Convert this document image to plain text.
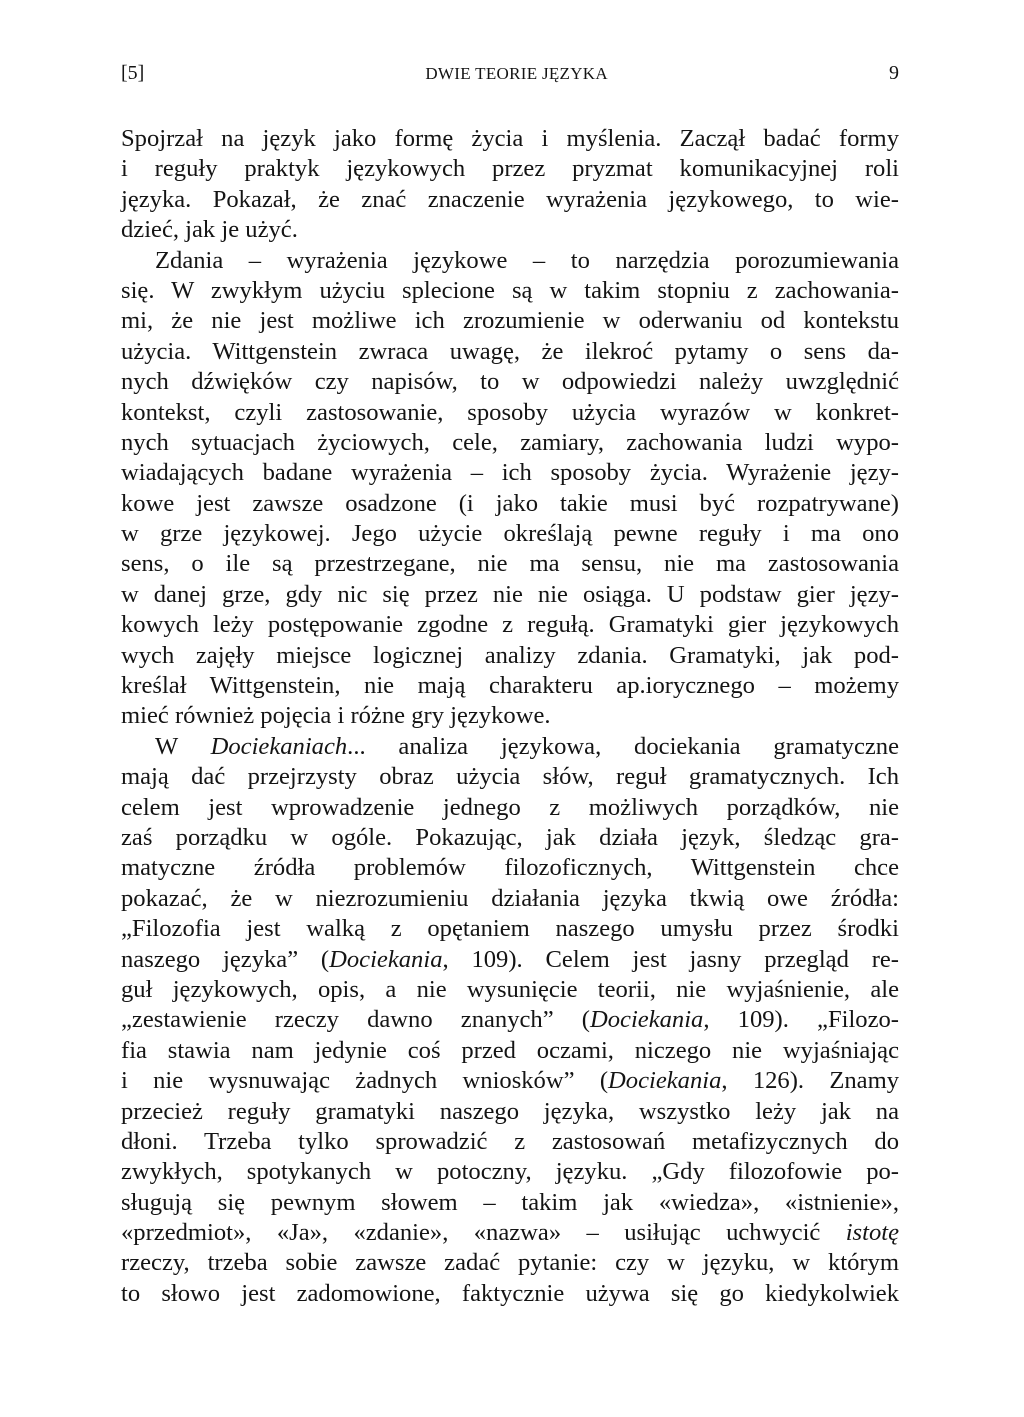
[5]	DWIE TEORIE JĘZYKA	9
Spojrzał na język jako formę życia i myślenia. Zaczął badać formy
i reguły praktyk językowych przez pryzmat komunikacyjnej roli
języka. Pokazał, że znać znaczenie wyrażenia językowego, to wie-
dzieć, jak je użyć.
Zdania – wyrażenia językowe – to narzędzia porozumiewania
się. W zwykłym użyciu splecione są w takim stopniu z zachowania-
mi, że nie jest możliwe ich zrozumienie w oderwaniu od kontekstu
użycia. Wittgenstein zwraca uwagę, że ilekroć pytamy o sens da-
nych dźwięków czy napisów, to w odpowiedzi należy uwzględnić
kontekst, czyli zastosowanie, sposoby użycia wyrazów w konkret-
nych sytuacjach życiowych, cele, zamiary, zachowania ludzi wypo-
wiadających badane wyrażenia – ich sposoby życia. Wyrażenie języ-
kowe jest zawsze osadzone (i jako takie musi być rozpatrywane)
w grze językowej. Jego użycie określają pewne reguły i ma ono
sens, o ile są przestrzegane, nie ma sensu, nie ma zastosowania
w danej grze, gdy nic się przez nie nie osiąga. U podstaw gier języ-
kowych leży postępowanie zgodne z regułą. Gramatyki gier językowych
wych zajęły miejsce logicznej analizy zdania. Gramatyki, jak pod-
kreślał Wittgenstein, nie mają charakteru ap.iorycznego – możemy
mieć również pojęcia i różne gry językowe.
W Dociekaniach... analiza językowa, dociekania gramatyczne
mają dać przejrzysty obraz użycia słów, reguł gramatycznych. Ich
celem jest wprowadzenie jednego z możliwych porządków, nie
zaś porządku w ogóle. Pokazując, jak działa język, śledząc gra-
matyczne źródła problemów filozoficznych, Wittgenstein chce
pokazać, że w niezrozumieniu działania języka tkwią owe źródła:
„Filozofia jest walką z opętaniem naszego umysłu przez środki
naszego języka” (Dociekania, 109). Celem jest jasny przegląd re-
guł językowych, opis, a nie wysunięcie teorii, nie wyjaśnienie, ale
„zestawienie rzeczy dawno znanych” (Dociekania, 109). „Filozo-
fia stawia nam jedynie coś przed oczami, niczego nie wyjaśniając
i nie wysnuwając żadnych wniosków” (Dociekania, 126). Znamy
przecież reguły gramatyki naszego języka, wszystko leży jak na
dłoni. Trzeba tylko sprowadzić z zastosowań metafizycznych do
zwykłych, spotykanych w potoczny, języku. „Gdy filozofowie po-
sługują się pewnym słowem – takim jak «wiedza», «istnienie»,
«przedmiot», «Ja», «zdanie», «nazwa» – usiłując uchwycić istotę
rzeczy, trzeba sobie zawsze zadać pytanie: czy w języku, w którym
to słowo jest zadomowione, faktycznie używa się go kiedykolwiek
